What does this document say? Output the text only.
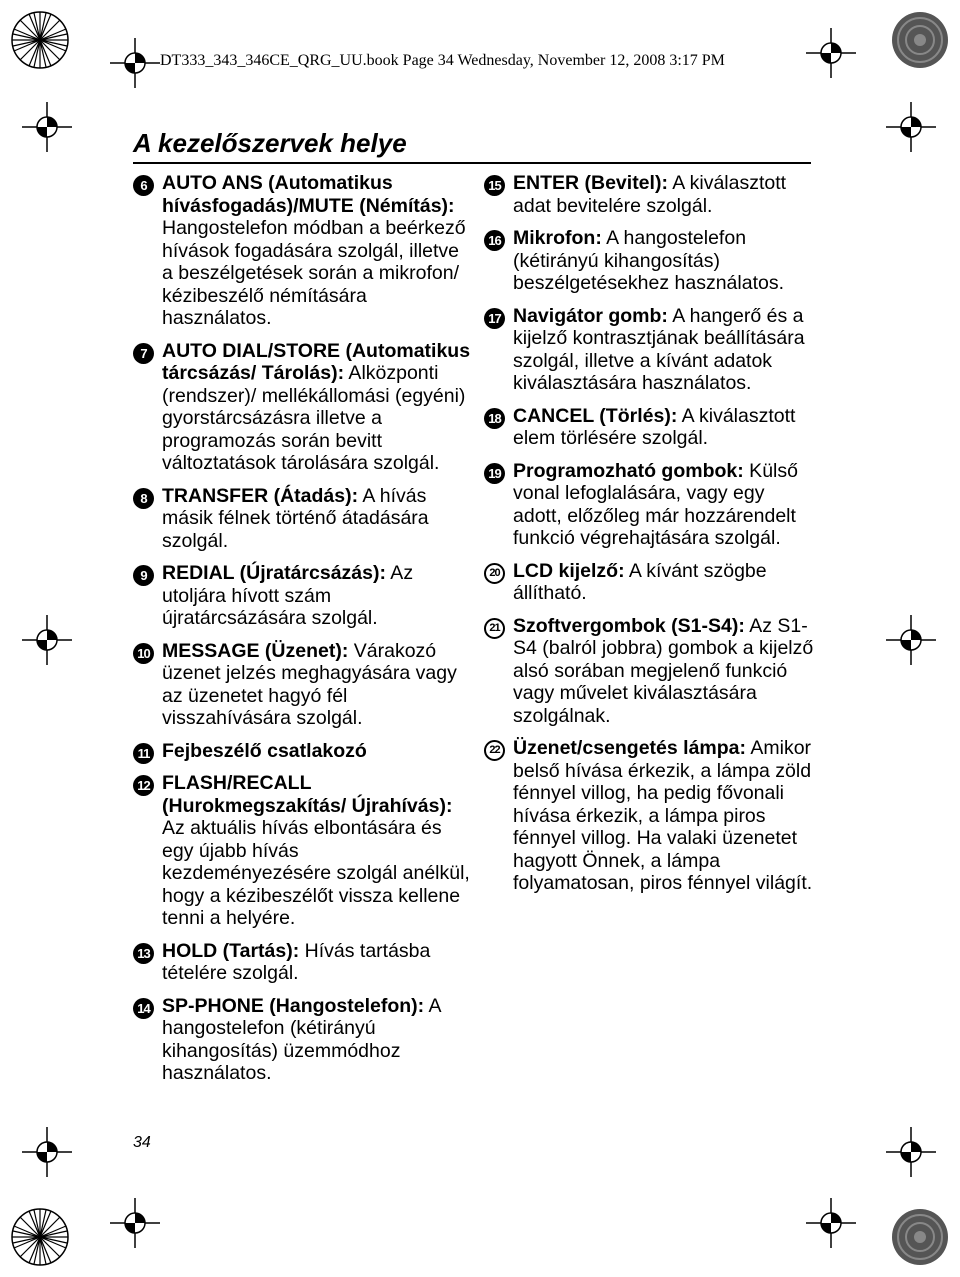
DT333_343_346CE_QRG_UU.book Page 34 Wednesday, November 12, 2008 3:17 PM
A kezelőszervek helye
6 AUTO ANS (Automatikus hívásfogadás)/MUTE (Némítás): Hangostelefon módban a beérkező hívások fogadására szolgál, illetve a beszélgetések során a mikrofon/ kézibeszélő némítására használatos.
7 AUTO DIAL/STORE (Automatikus tárcsázás/ Tárolás): Alközponti (rendszer)/ mellékállomási (egyéni) gyorstárcsázásra illetve a programozás során bevitt változtatások tárolására szolgál.
8 TRANSFER (Átadás): A hívás másik félnek történő átadására szolgál.
9 REDIAL (Újratárcsázás): Az utoljára hívott szám újratárcsázására szolgál.
10 MESSAGE (Üzenet): Várakozó üzenet jelzés meghagyására vagy az üzenetet hagyó fél visszahívására szolgál.
11 Fejbeszélő csatlakozó
12 FLASH/RECALL (Hurokmegszakítás/ Újrahívás): Az aktuális hívás elbontására és egy újabb hívás kezdeményezésére szolgál anélkül, hogy a kézibeszélőt vissza kellene tenni a helyére.
13 HOLD (Tartás): Hívás tartásba tételére szolgál.
14 SP-PHONE (Hangostelefon): A hangostelefon (kétirányú kihangosítás) üzemmódhoz használatos.
15 ENTER (Bevitel): A kiválasztott adat bevitelére szolgál.
16 Mikrofon: A hangostelefon (kétirányú kihangosítás) beszélgetésekhez használatos.
17 Navigátor gomb: A hangerő és a kijelző kontrasztjának beállítására szolgál, illetve a kívánt adatok kiválasztására használatos.
18 CANCEL (Törlés): A kiválasztott elem törlésére szolgál.
19 Programozható gombok: Külső vonal lefoglalására, vagy egy adott, előzőleg már hozzárendelt funkció végrehajtására szolgál.
20 LCD kijelző: A kívánt szögbe állítható.
21 Szoftvergombok (S1-S4): Az S1-S4 (balról jobbra) gombok a kijelző alsó sorában megjelenő funkció vagy művelet kiválasztására szolgálnak.
22 Üzenet/csengetés lámpa: Amikor belső hívása érkezik, a lámpa zöld fénnyel villog, ha pedig fővonali hívása érkezik, a lámpa piros fénnyel villog. Ha valaki üzenetet hagyott Önnek, a lámpa folyamatosan, piros fénnyel világít.
34
